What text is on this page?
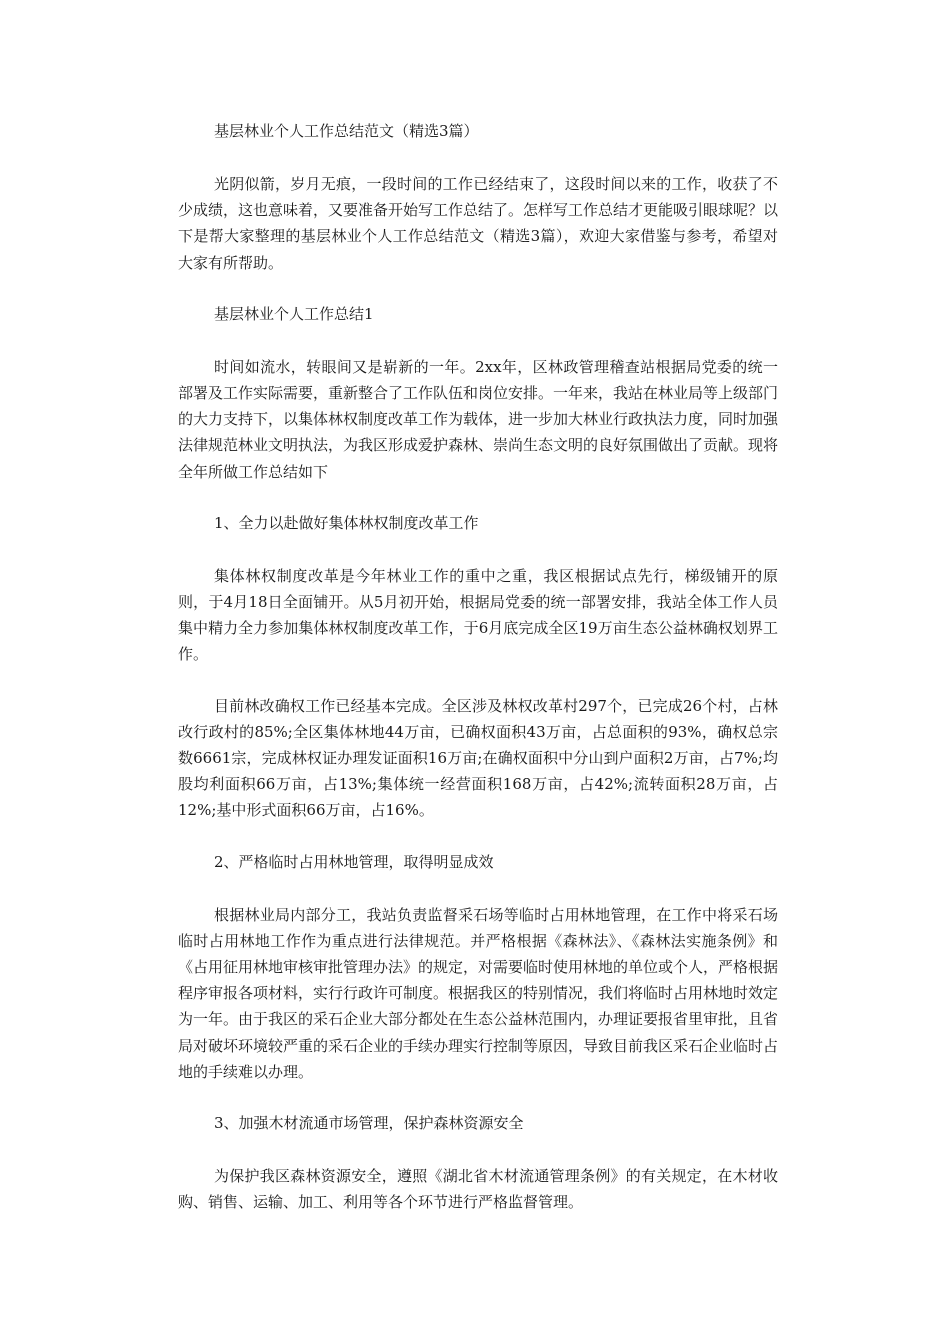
基层林业个人工作总结范文（精选3篇）

光阴似箭，岁月无痕，一段时间的工作已经结束了，这段时间以来的工作，收获了不少成绩，这也意味着，又要准备开始写工作总结了。怎样写工作总结才更能吸引眼球呢？以下是帮大家整理的基层林业个人工作总结范文（精选3篇），欢迎大家借鉴与参考，希望对大家有所帮助。

基层林业个人工作总结1

时间如流水，转眼间又是崭新的一年。2xx年，区林政管理稽查站根据局党委的统一部署及工作实际需要，重新整合了工作队伍和岗位安排。一年来，我站在林业局等上级部门的大力支持下，以集体林权制度改革工作为载体，进一步加大林业行政执法力度，同时加强法律规范林业文明执法，为我区形成爱护森林、崇尚生态文明的良好氛围做出了贡献。现将全年所做工作总结如下

1、全力以赴做好集体林权制度改革工作

集体林权制度改革是今年林业工作的重中之重，我区根据试点先行，梯级铺开的原则，于4月18日全面铺开。从5月初开始，根据局党委的统一部署安排，我站全体工作人员集中精力全力参加集体林权制度改革工作，于6月底完成全区19万亩生态公益林确权划界工作。

目前林改确权工作已经基本完成。全区涉及林权改革村297个，已完成26个村，占林改行政村的85%;全区集体林地44万亩，已确权面积43万亩，占总面积的93%，确权总宗数6661宗，完成林权证办理发证面积16万亩;在确权面积中分山到户面积2万亩，占7%;均股均利面积66万亩，占13%;集体统一经营面积168万亩，占42%;流转面积28万亩，占12%;基中形式面积66万亩，占16%。

2、严格临时占用林地管理，取得明显成效

根据林业局内部分工，我站负责监督采石场等临时占用林地管理，在工作中将采石场临时占用林地工作作为重点进行法律规范。并严格根据《森林法》、《森林法实施条例》和《占用征用林地审核审批管理办法》的规定，对需要临时使用林地的单位或个人，严格根据程序审报各项材料，实行行政许可制度。根据我区的特别情况，我们将临时占用林地时效定为一年。由于我区的采石企业大部分都处在生态公益林范围内，办理证要报省里审批，且省局对破坏环境较严重的采石企业的手续办理实行控制等原因，导致目前我区采石企业临时占地的手续难以办理。

3、加强木材流通市场管理，保护森林资源安全

为保护我区森林资源安全，遵照《湖北省木材流通管理条例》的有关规定，在木材收购、销售、运输、加工、利用等各个环节进行严格监督管理。
